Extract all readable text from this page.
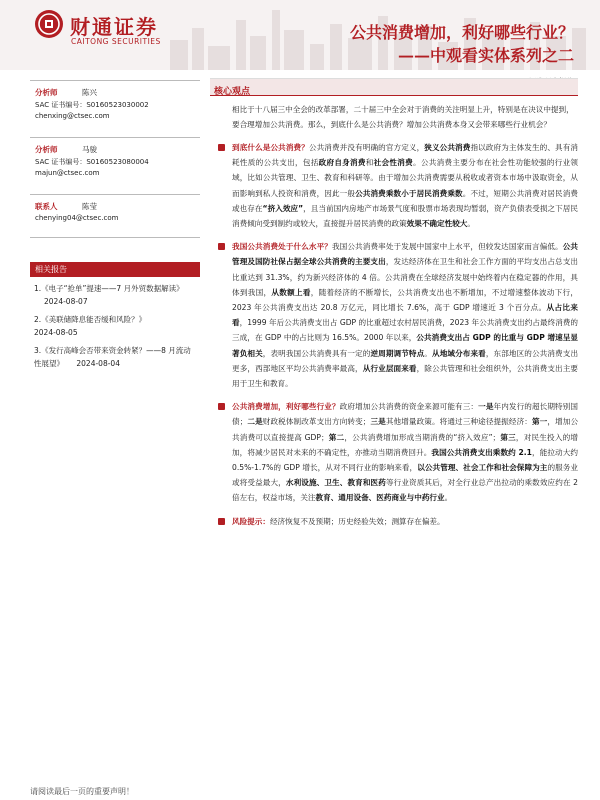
财通证券
CAITONG SECURITIES	公共消费增加，利好哪些行业？
——中观看实体系列之二
分析师	陈兴
SAC 证书编号：S0160523030002
chenxing@ctsec.com
分析师	马骏
SAC 证书编号：S0160523080004
majun@ctsec.com
联系人	陈莹
chenying04@ctsec.com
相关报告
1.《电子“抢单”提速——7 月外贸数据解读》 2024-08-07
2.《美联储降息能否缓和风险？》
2024-08-05
3.《发行高峰会否带来资金转紧？——8 月流动性展望》 2024-08-04
核心观点
相比于十八届三中全会的改革部署，二十届三中全会对于消费的关注明显上升，特别是在决议中提到，要合理增加公共消费。那么，到底什么是公共消费？增加公共消费本身又会带来哪些行业机会？
到底什么是公共消费？公共消费并没有明确的官方定义，狭义公共消费指以政府为主体发生的、具有消耗性质的公共支出，包括政府自身消费和社会性消费。公共消费主要分布在社会性功能较强的行业领域，比如公共管理、卫生、教育和科研等。由于增加公共消费需要从税收或者资本市场中汲取资金，从而影响到私人投资和消费，因此一般公共消费乘数小于居民消费乘数。不过，短期公共消费对居民消费或也存在“挤入效应”，且当前国内房地产市场景气度和股票市场表现均暂弱，资产负债表受损之下居民消费倾向受到制约或较大，直接提升居民消费的政策效果不确定性较大。
我国公共消费处于什么水平？我国公共消费率处于发展中国家中上水平，但较发达国家而言偏低。公共管理及国防社保占据全球公共消费的主要支出，发达经济体在卫生和社会工作方面的平均支出占总支出比重达到 31.3%，约为新兴经济体的 4 倍。公共消费在全球经济发展中始终着内在稳定器的作用，具体到我国，从数额上看，随着经济的不断增长，公共消费支出也不断增加，不过增速整体波动下行，2023 年公共消费支出达 20.8 万亿元，同比增长 7.6%，高于 GDP 增速近 3 个百分点。从占比来看，1999 年后公共消费支出占 GDP 的比重超过农村居民消费，2023 年公共消费支出约占最终消费的三成，在 GDP 中的占比则为 16.5%。2000 年以来，公共消费支出占 GDP 的比重与 GDP 增速呈显著负相关，表明我国公共消费具有一定的逆周期调节特点。从地域分布来看，东部地区的公共消费支出更多，西部地区平均公共消费率最高，从行业层面来看，除公共管理和社会组织外，公共消费支出主要用于卫生和教育。
公共消费增加，利好哪些行业？政府增加公共消费的资金来源可能有三：一是年内发行的超长期特别国债；二是财政税体制改革支出方向转变；三是其他增量政策。将通过三种途径提振经济：第一，增加公共消费可以直接提高 GDP；第二，公共消费增加形成当期消费的“挤入效应”；第三，对民生投入的增加，将减少居民对未来的不确定性，亦推动当期消费回升。我国公共消费支出乘数约 2.1，能拉动大约 0.5%-1.7%的 GDP 增长，从对不同行业的影响来看，以公共管理、社会工作和社会保障为主的服务业或将受益最大，水利设施、卫生、教育和医药等行业资质其后，对全行业总产出拉动的乘数效应约在 2 倍左右，权益市场，关注教育、通用设备、医药商业与中药行业。
风险提示：经济恢复不及预期；历史经验失效；测算存在偏差。
请阅读最后一页的重要声明！
